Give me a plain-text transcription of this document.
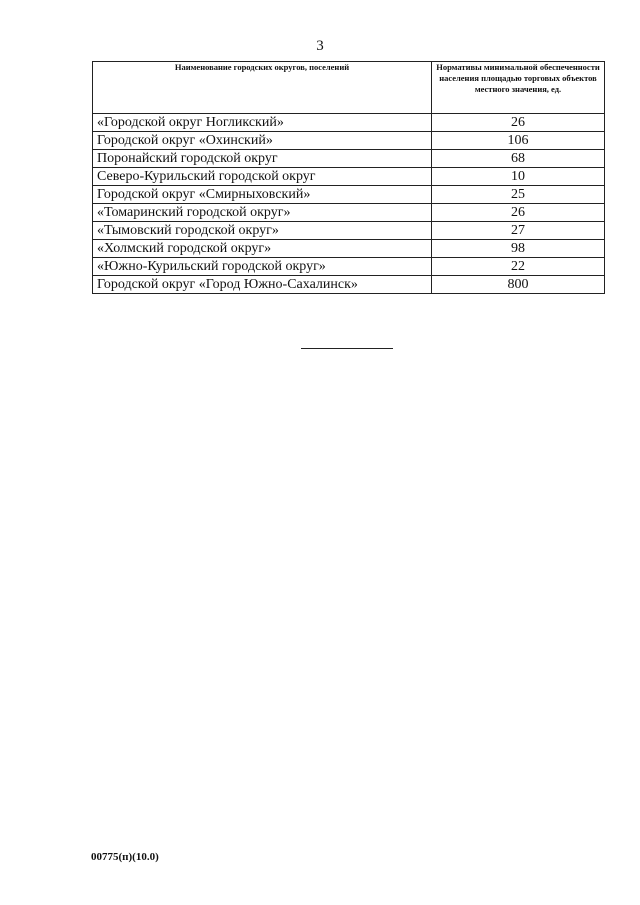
3
Наименование городских округов, поселений	Нормативы минимальной обеспеченности населения площадью торговых объектов местного значения, ед.
«Городской округ Ногликский»	26
Городской округ «Охинский»	106
Поронайский городской округ	68
Северо-Курильский городской округ	10
Городской округ «Смирныховский»	25
«Томаринский городской округ»	26
«Тымовский городской округ»	27
«Холмский городской округ»	98
«Южно-Курильский городской округ»	22
Городской округ «Город Южно-Сахалинск»	800
00775(п)(10.0)
